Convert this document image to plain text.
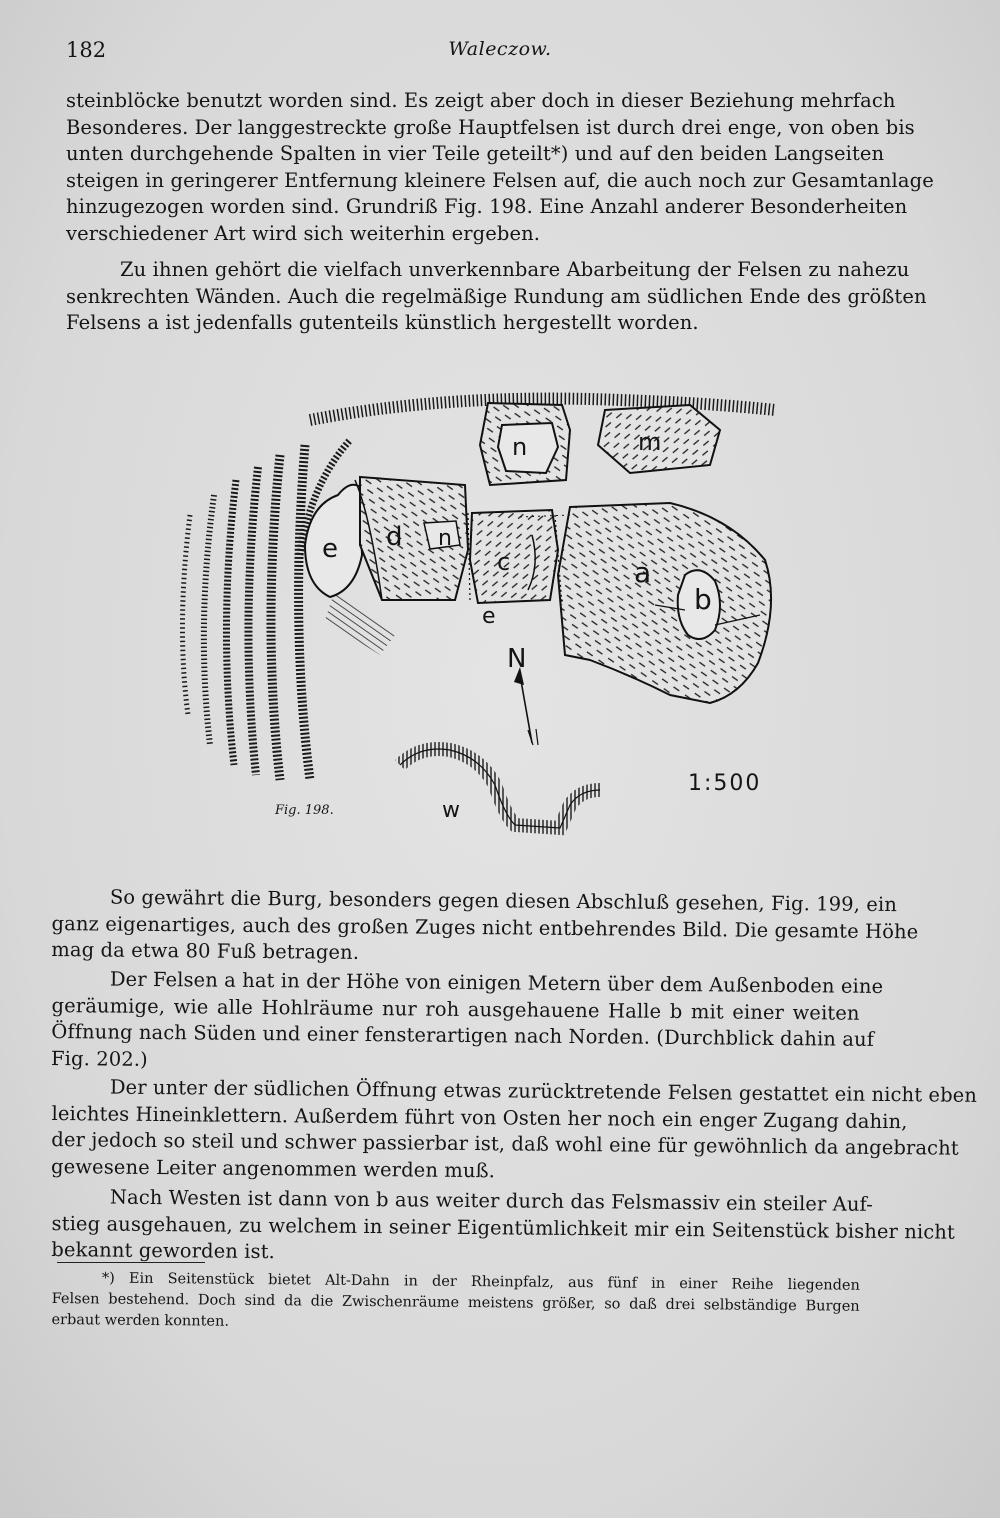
182	Waleczow.
steinblöcke benutzt worden sind. Es zeigt aber doch in dieser Beziehung mehrfach
Besonderes. Der langgestreckte große Hauptfelsen ist durch drei enge, von oben bis
unten durchgehende Spalten in vier Teile geteilt*) und auf den beiden Langseiten
steigen in geringerer Entfernung kleinere Felsen auf, die auch noch zur Gesamtanlage
hinzugezogen worden sind. Grundriß Fig. 198. Eine Anzahl anderer Besonderheiten
verschiedener Art wird sich weiterhin ergeben.
Zu ihnen gehört die vielfach unverkennbare Abarbeitung der Felsen zu nahezu
senkrechten Wänden. Auch die regelmäßige Rundung am südlichen Ende des größten
Felsens a ist jedenfalls gutenteils künstlich hergestellt worden.
n	m
e d n
c	a
b
e
N
w
1:500
Fig. 198.
So gewährt die Burg, besonders gegen diesen Abschluß gesehen, Fig. 199, ein
ganz eigenartiges, auch des großen Zuges nicht entbehrendes Bild. Die gesamte Höhe
mag da etwa 80 Fuß betragen.
Der Felsen a hat in der Höhe von einigen Metern über dem Außenboden eine
geräumige, wie alle Hohlräume nur roh ausgehauene Halle b mit einer weiten
Öffnung nach Süden und einer fensterartigen nach Norden. (Durchblick dahin auf
Fig. 202.)
Der unter der südlichen Öffnung etwas zurücktretende Felsen gestattet ein nicht eben
leichtes Hineinklettern. Außerdem führt von Osten her noch ein enger Zugang dahin,
der jedoch so steil und schwer passierbar ist, daß wohl eine für gewöhnlich da angebracht
gewesene Leiter angenommen werden muß.
Nach Westen ist dann von b aus weiter durch das Felsmassiv ein steiler Auf-
stieg ausgehauen, zu welchem in seiner Eigentümlichkeit mir ein Seitenstück bisher nicht
bekannt geworden ist.
*) Ein Seitenstück bietet Alt-Dahn in der Rheinpfalz, aus fünf in einer Reihe liegenden
Felsen bestehend. Doch sind da die Zwischenräume meistens größer, so daß drei selbständige Burgen
erbaut werden konnten.
